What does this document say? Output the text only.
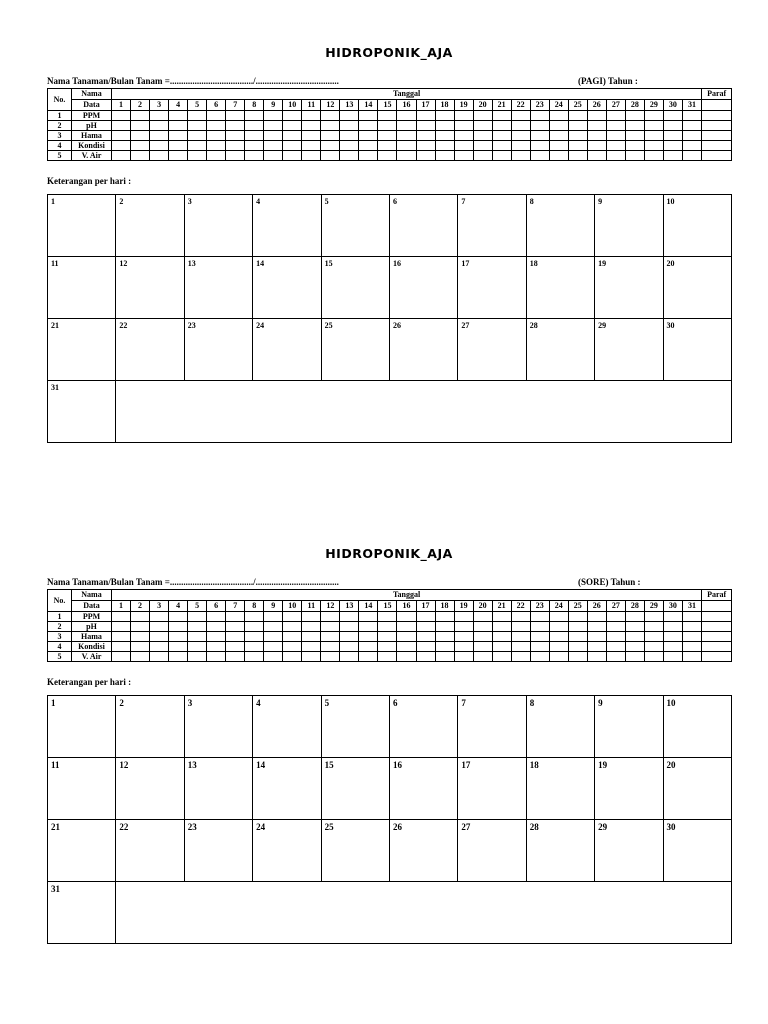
HIDROPONIK_AJA
Nama Tanaman/Bulan Tanam =...................................../.....................................	(PAGI) Tahun :
No.	Nama	Tanggal																															Paraf
	Data	1	2	3	4	5	6	7	8	9	10	11	12	13	14	15	16	17	18	19	20	21	22	23	24	25	26	27	28	29	30	31	
1	PPM																																
2	pH																																
3	Hama																																
4	Kondisi																																
5	V. Air																																
Keterangan per hari :
1	2	3	4	5	6	7	8	9	10
11	12	13	14	15	16	17	18	19	20
21	22	23	24	25	26	27	28	29	30
31									
HIDROPONIK_AJA
Nama Tanaman/Bulan Tanam =...................................../.....................................	(SORE) Tahun :
No.	Nama	Tanggal																															Paraf
	Data	1	2	3	4	5	6	7	8	9	10	11	12	13	14	15	16	17	18	19	20	21	22	23	24	25	26	27	28	29	30	31	
1	PPM																																
2	pH																																
3	Hama																																
4	Kondisi																																
5	V. Air																																
Keterangan per hari :
1	2	3	4	5	6	7	8	9	10
11	12	13	14	15	16	17	18	19	20
21	22	23	24	25	26	27	28	29	30
31									
